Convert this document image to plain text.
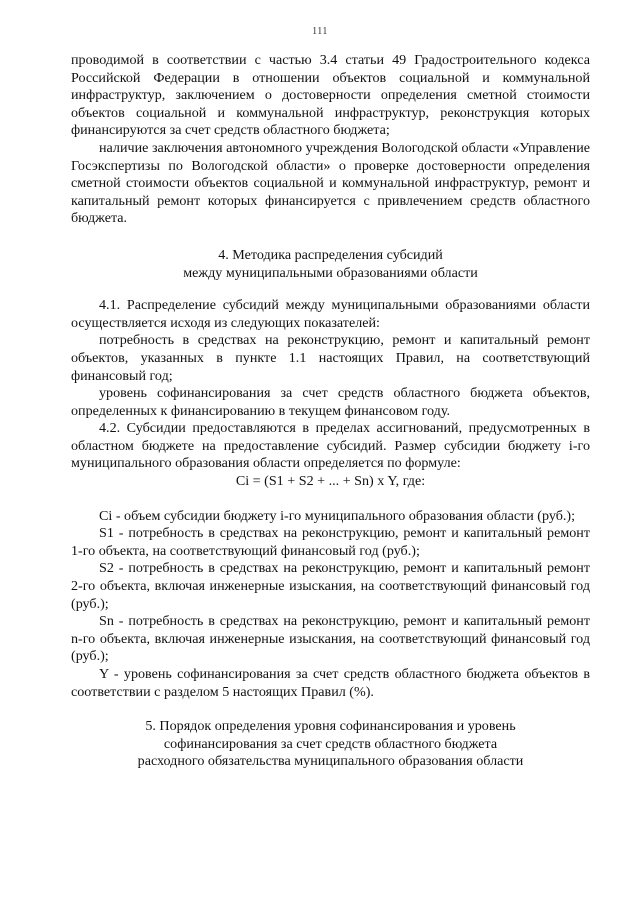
111

проводимой в соответствии с частью 3.4 статьи 49 Градостроительного кодекса Российской Федерации в отношении объектов социальной и коммунальной инфраструктур, заключением о достоверности определения сметной стоимости объектов социальной и коммунальной инфраструктур, реконструкция которых финансируются за счет средств областного бюджета;

наличие заключения автономного учреждения Вологодской области «Управление Госэкспертизы по Вологодской области» о проверке достоверности определения сметной стоимости объектов социальной и коммунальной инфраструктур, ремонт и капитальный ремонт которых финансируется с привлечением средств областного бюджета.

4. Методика распределения субсидий
между муниципальными образованиями области

4.1. Распределение субсидий между муниципальными образованиями области осуществляется исходя из следующих показателей:

потребность в средствах на реконструкцию, ремонт и капитальный ремонт объектов, указанных в пункте 1.1 настоящих Правил, на соответствующий финансовый год;

уровень софинансирования за счет средств областного бюджета объектов, определенных к финансированию в текущем финансовом году.

4.2. Субсидии предоставляются в пределах ассигнований, предусмотренных в областном бюджете на предоставление субсидий. Размер субсидии бюджету i-го муниципального образования области определяется по формуле:

Ci = (S1 + S2 + ... + Sn) x Y, где:

Ci - объем субсидии бюджету i-го муниципального образования области (руб.);

S1 - потребность в средствах на реконструкцию, ремонт и капитальный ремонт 1-го объекта, на соответствующий финансовый год (руб.);

S2 - потребность в средствах на реконструкцию, ремонт и капитальный ремонт 2-го объекта, включая инженерные изыскания, на соответствующий финансовый год (руб.);

Sn - потребность в средствах на реконструкцию, ремонт и капитальный ремонт n-го объекта, включая инженерные изыскания, на соответствующий финансовый год (руб.);

Y - уровень софинансирования за счет средств областного бюджета объектов в соответствии с разделом 5 настоящих Правил (%).

5. Порядок определения уровня софинансирования и уровень
софинансирования за счет средств областного бюджета
расходного обязательства муниципального образования области
